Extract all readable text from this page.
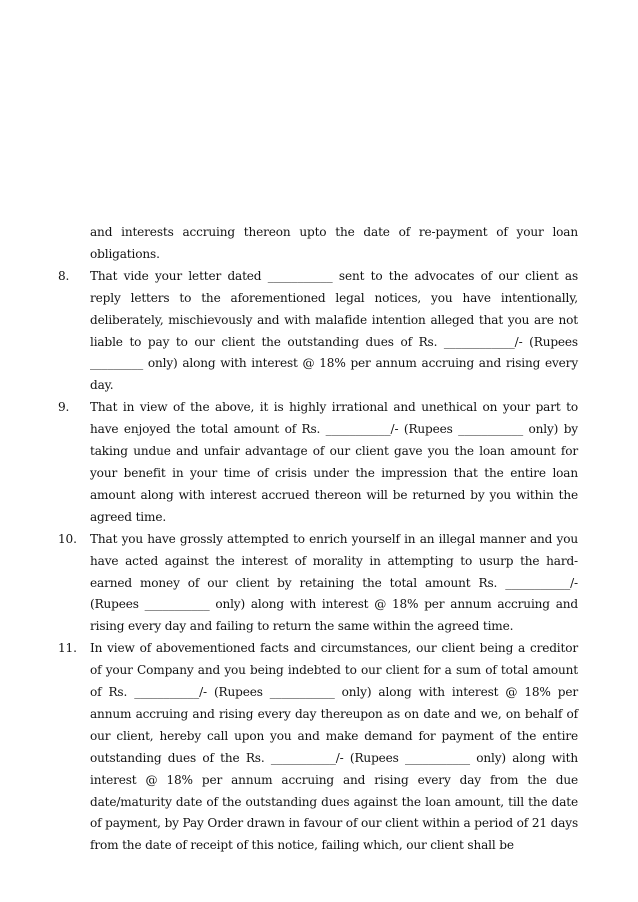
and interests accruing thereon upto the date of re-payment of your loan obligations.
8.	That vide your letter dated ___________ sent to the advocates of our client as reply letters to the aforementioned legal notices, you have intentionally, deliberately, mischievously and with malafide intention alleged that you are not liable to pay to our client the outstanding dues of Rs. ____________/- (Rupees _________ only) along with interest @ 18% per annum accruing and rising every day.
9.	That in view of the above, it is highly irrational and unethical on your part to have enjoyed the total amount of Rs. ___________/- (Rupees ___________ only) by taking undue and unfair advantage of our client gave you the loan amount for your benefit in your time of crisis under the impression that the entire loan amount along with interest accrued thereon will be returned by you within the agreed time.
10.	That you have grossly attempted to enrich yourself in an illegal manner and you have acted against the interest of morality in attempting to usurp the hard-earned money of our client by retaining the total amount Rs. ___________/- (Rupees ___________ only) along with interest @ 18% per annum accruing and rising every day and failing to return the same within the agreed time.
11.	In view of abovementioned facts and circumstances, our client being a creditor of your Company and you being indebted to our client for a sum of total amount of Rs. ___________/- (Rupees ___________ only) along with interest @ 18% per annum accruing and rising every day thereupon as on date and we, on behalf of our client, hereby call upon you and make demand for payment of the entire outstanding dues of the Rs. ___________/- (Rupees ___________ only) along with interest @ 18% per annum accruing and rising every day from the due date/maturity date of the outstanding dues against the loan amount, till the date of payment, by Pay Order drawn in favour of our client within a period of 21 days from the date of receipt of this notice, failing which, our client shall be
